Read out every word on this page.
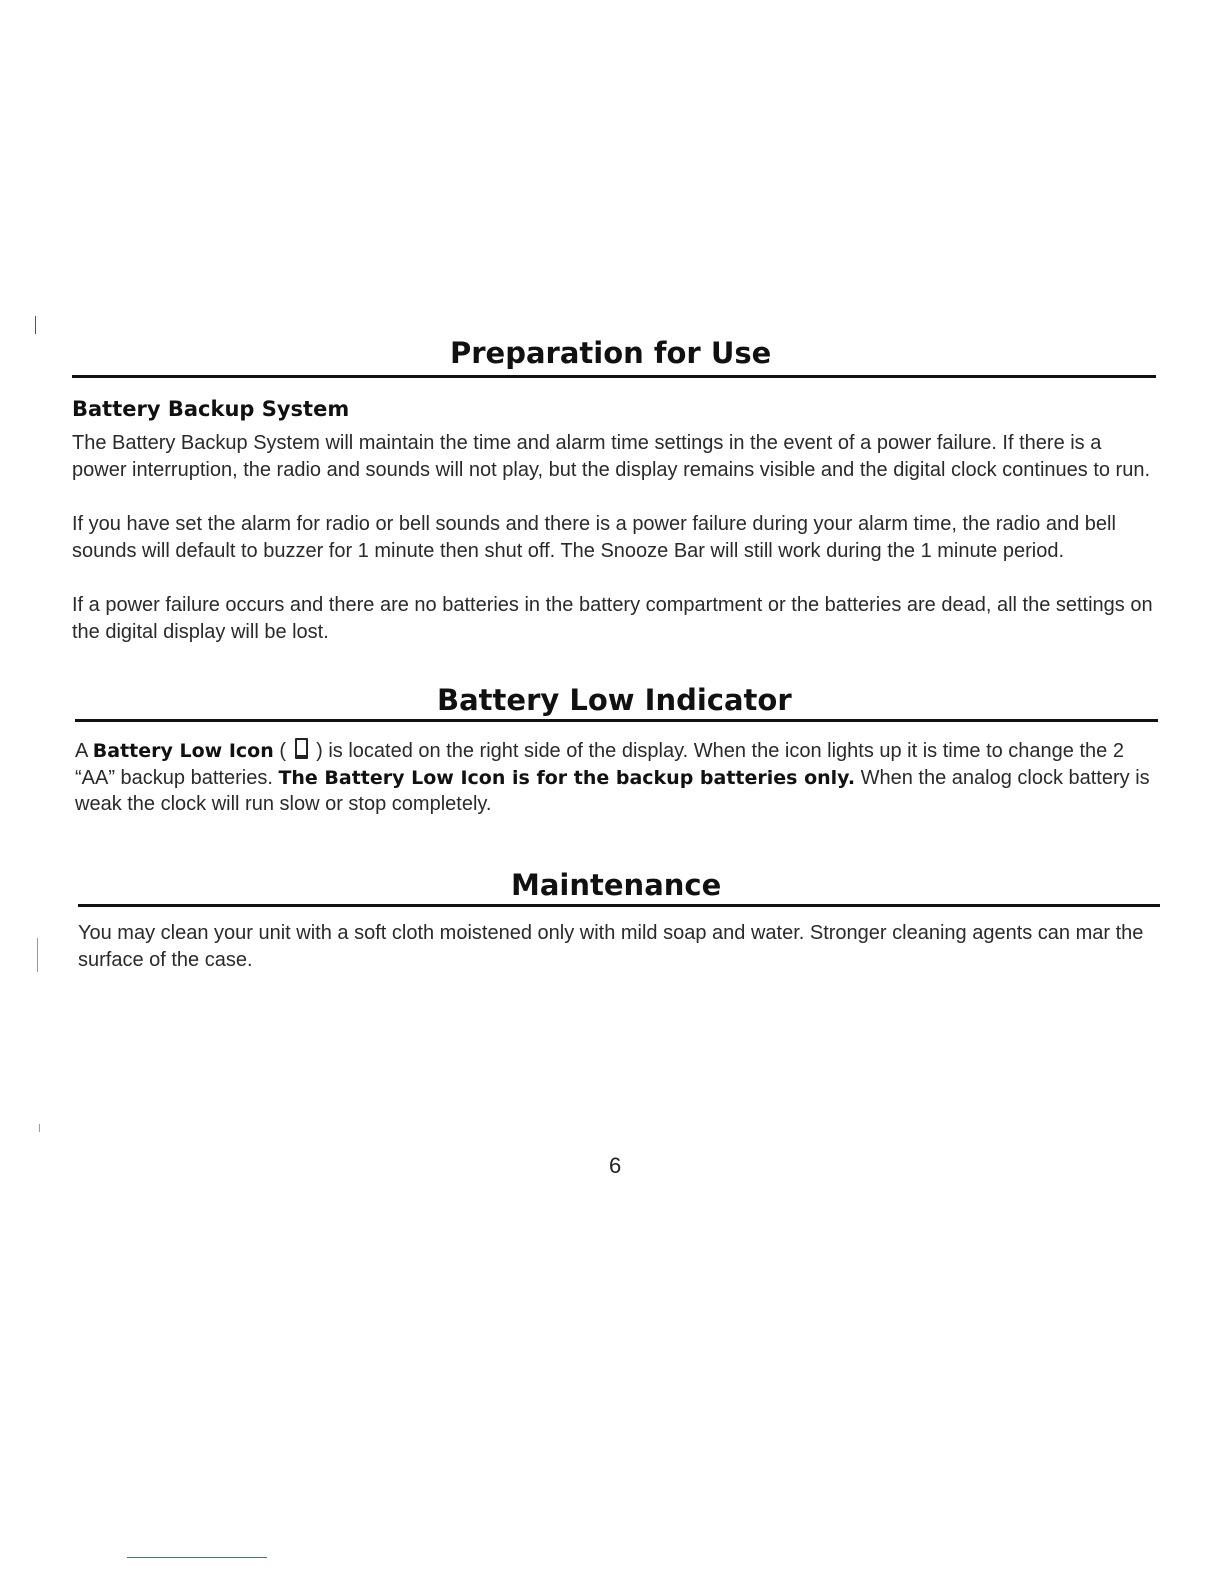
Preparation for Use
Battery Backup System

The Battery Backup System will maintain the time and alarm time settings in the event of a power failure. If there is a power interruption, the radio and sounds will not play, but the display remains visible and the digital clock continues to run.

If you have set the alarm for radio or bell sounds and there is a power failure during your alarm time, the radio and bell sounds will default to buzzer for 1 minute then shut off. The Snooze Bar will still work during the 1 minute period.

If a power failure occurs and there are no batteries in the battery compartment or the batteries are dead, all the settings on the digital display will be lost.

Battery Low Indicator

A Battery Low Icon (  ) is located on the right side of the display. When the icon lights up it is time to change the 2 “AA” backup batteries. The Battery Low Icon is for the backup batteries only. When the analog clock battery is weak the clock will run slow or stop completely.

Maintenance

You may clean your unit with a soft cloth moistened only with mild soap and water. Stronger cleaning agents can mar the surface of the case.

6
